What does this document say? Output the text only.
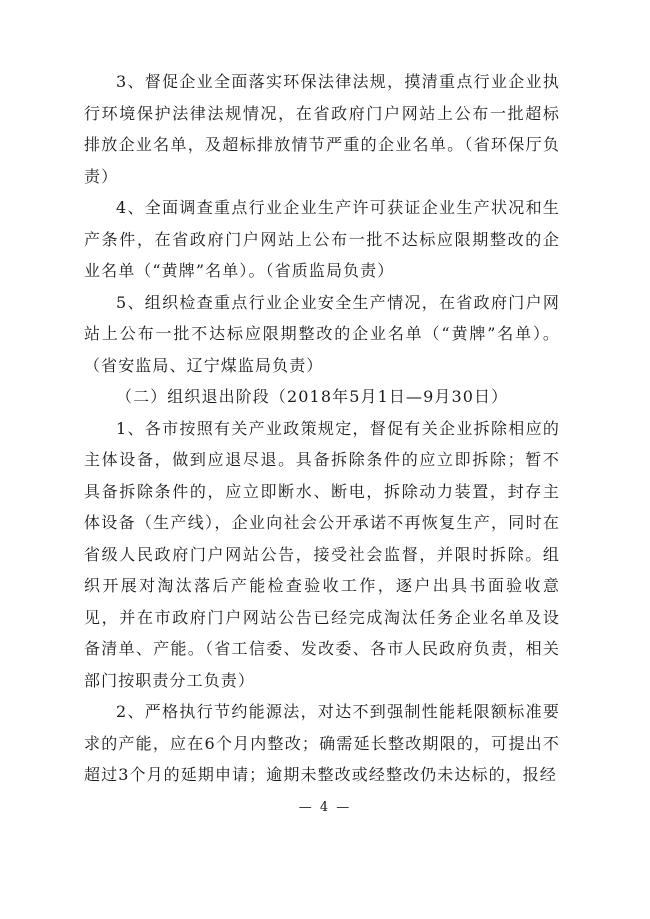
3、督促企业全面落实环保法律法规，摸清重点行业企业执行环境保护法律法规情况，在省政府门户网站上公布一批超标排放企业名单，及超标排放情节严重的企业名单。（省环保厅负责）

4、全面调查重点行业企业生产许可获证企业生产状况和生产条件，在省政府门户网站上公布一批不达标应限期整改的企业名单（“黄牌”名单）。（省质监局负责）

5、组织检查重点行业企业安全生产情况，在省政府门户网站上公布一批不达标应限期整改的企业名单（“黄牌”名单）。（省安监局、辽宁煤监局负责）

（二）组织退出阶段（2018年5月1日—9月30日）

1、各市按照有关产业政策规定，督促有关企业拆除相应的主体设备，做到应退尽退。具备拆除条件的应立即拆除；暂不具备拆除条件的，应立即断水、断电，拆除动力装置，封存主体设备（生产线），企业向社会公开承诺不再恢复生产，同时在省级人民政府门户网站公告，接受社会监督，并限时拆除。组织开展对淘汰落后产能检查验收工作，逐户出具书面验收意见，并在市政府门户网站公告已经完成淘汰任务企业名单及设备清单、产能。（省工信委、发改委、各市人民政府负责，相关部门按职责分工负责）

2、严格执行节约能源法，对达不到强制性能耗限额标准要求的产能，应在6个月内整改；确需延长整改期限的，可提出不超过3个月的延期申请；逾期未整改或经整改仍未达标的，报经

— 4 —
